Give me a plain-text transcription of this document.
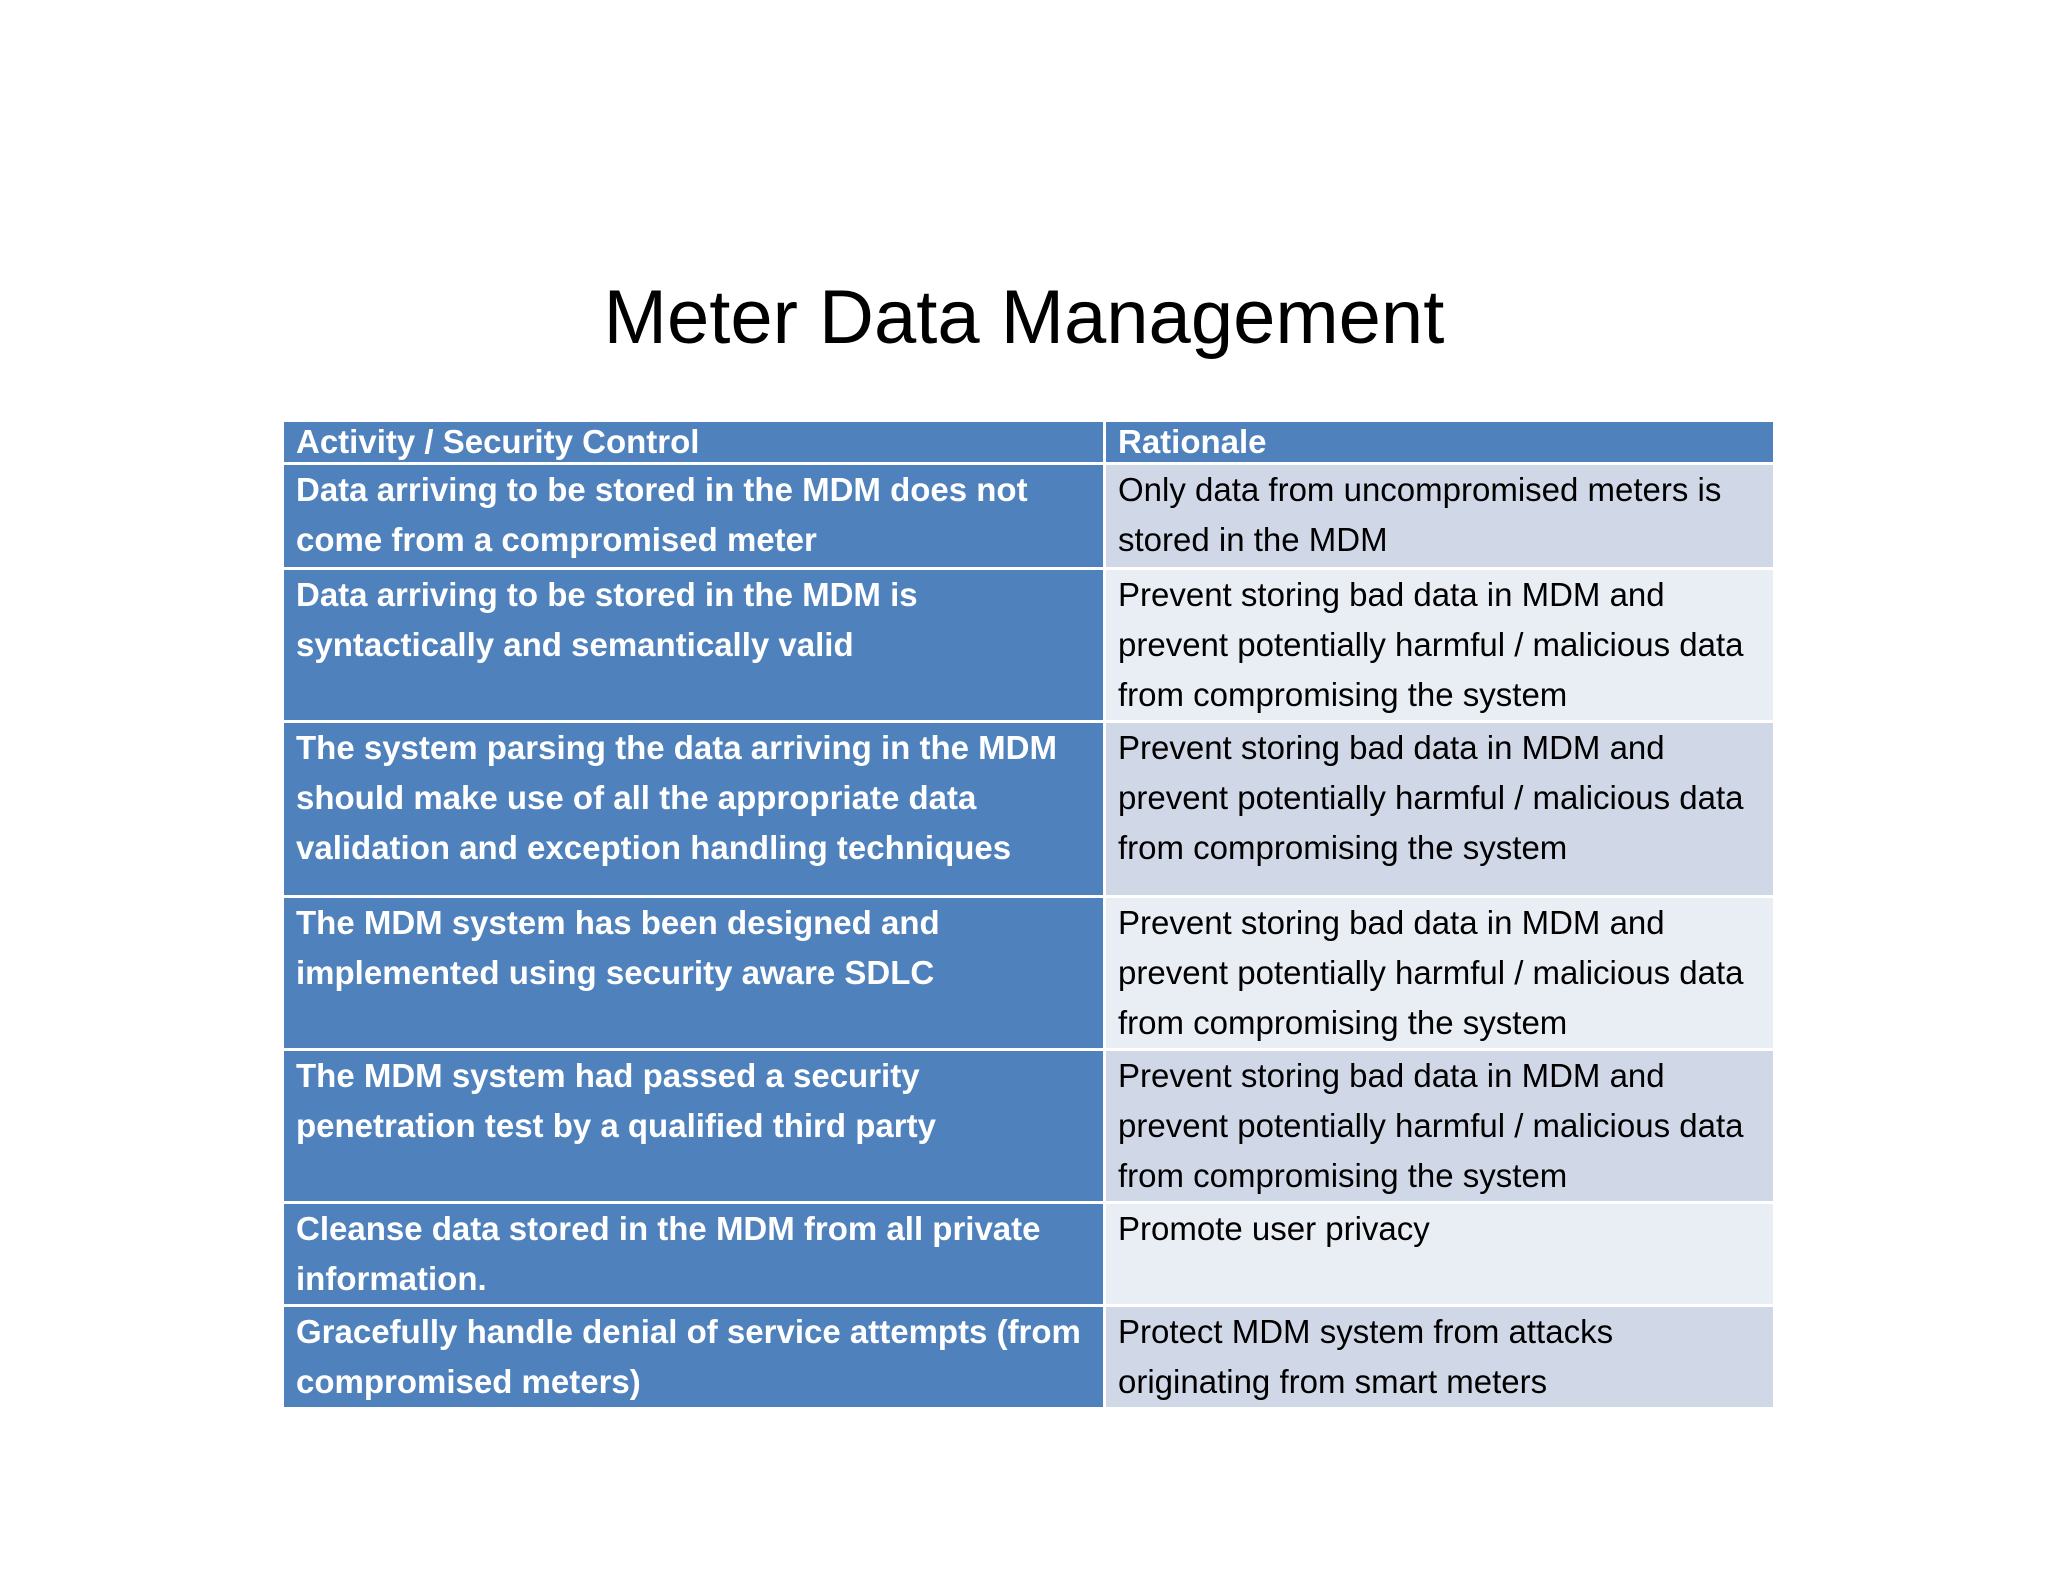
Meter Data Management
Activity / Security Control	Rationale
Data arriving to be stored in the MDM does not come from a compromised meter	Only data from uncompromised meters is stored in the MDM
Data arriving to be stored in the MDM is syntactically and semantically valid	Prevent storing bad data in MDM and prevent potentially harmful / malicious data from compromising the system
The system parsing the data arriving in the MDM should make use of all the appropriate data validation and exception handling techniques	Prevent storing bad data in MDM and prevent potentially harmful / malicious data from compromising the system
The MDM system has been designed and implemented using security aware SDLC	Prevent storing bad data in MDM and prevent potentially harmful / malicious data from compromising the system
The MDM system had passed a security penetration test by a qualified third party	Prevent storing bad data in MDM and prevent potentially harmful / malicious data from compromising the system
Cleanse data stored in the MDM from all private information.	Promote user privacy
Gracefully handle denial of service attempts (from compromised meters)	Protect MDM system from attacks originating from smart meters
